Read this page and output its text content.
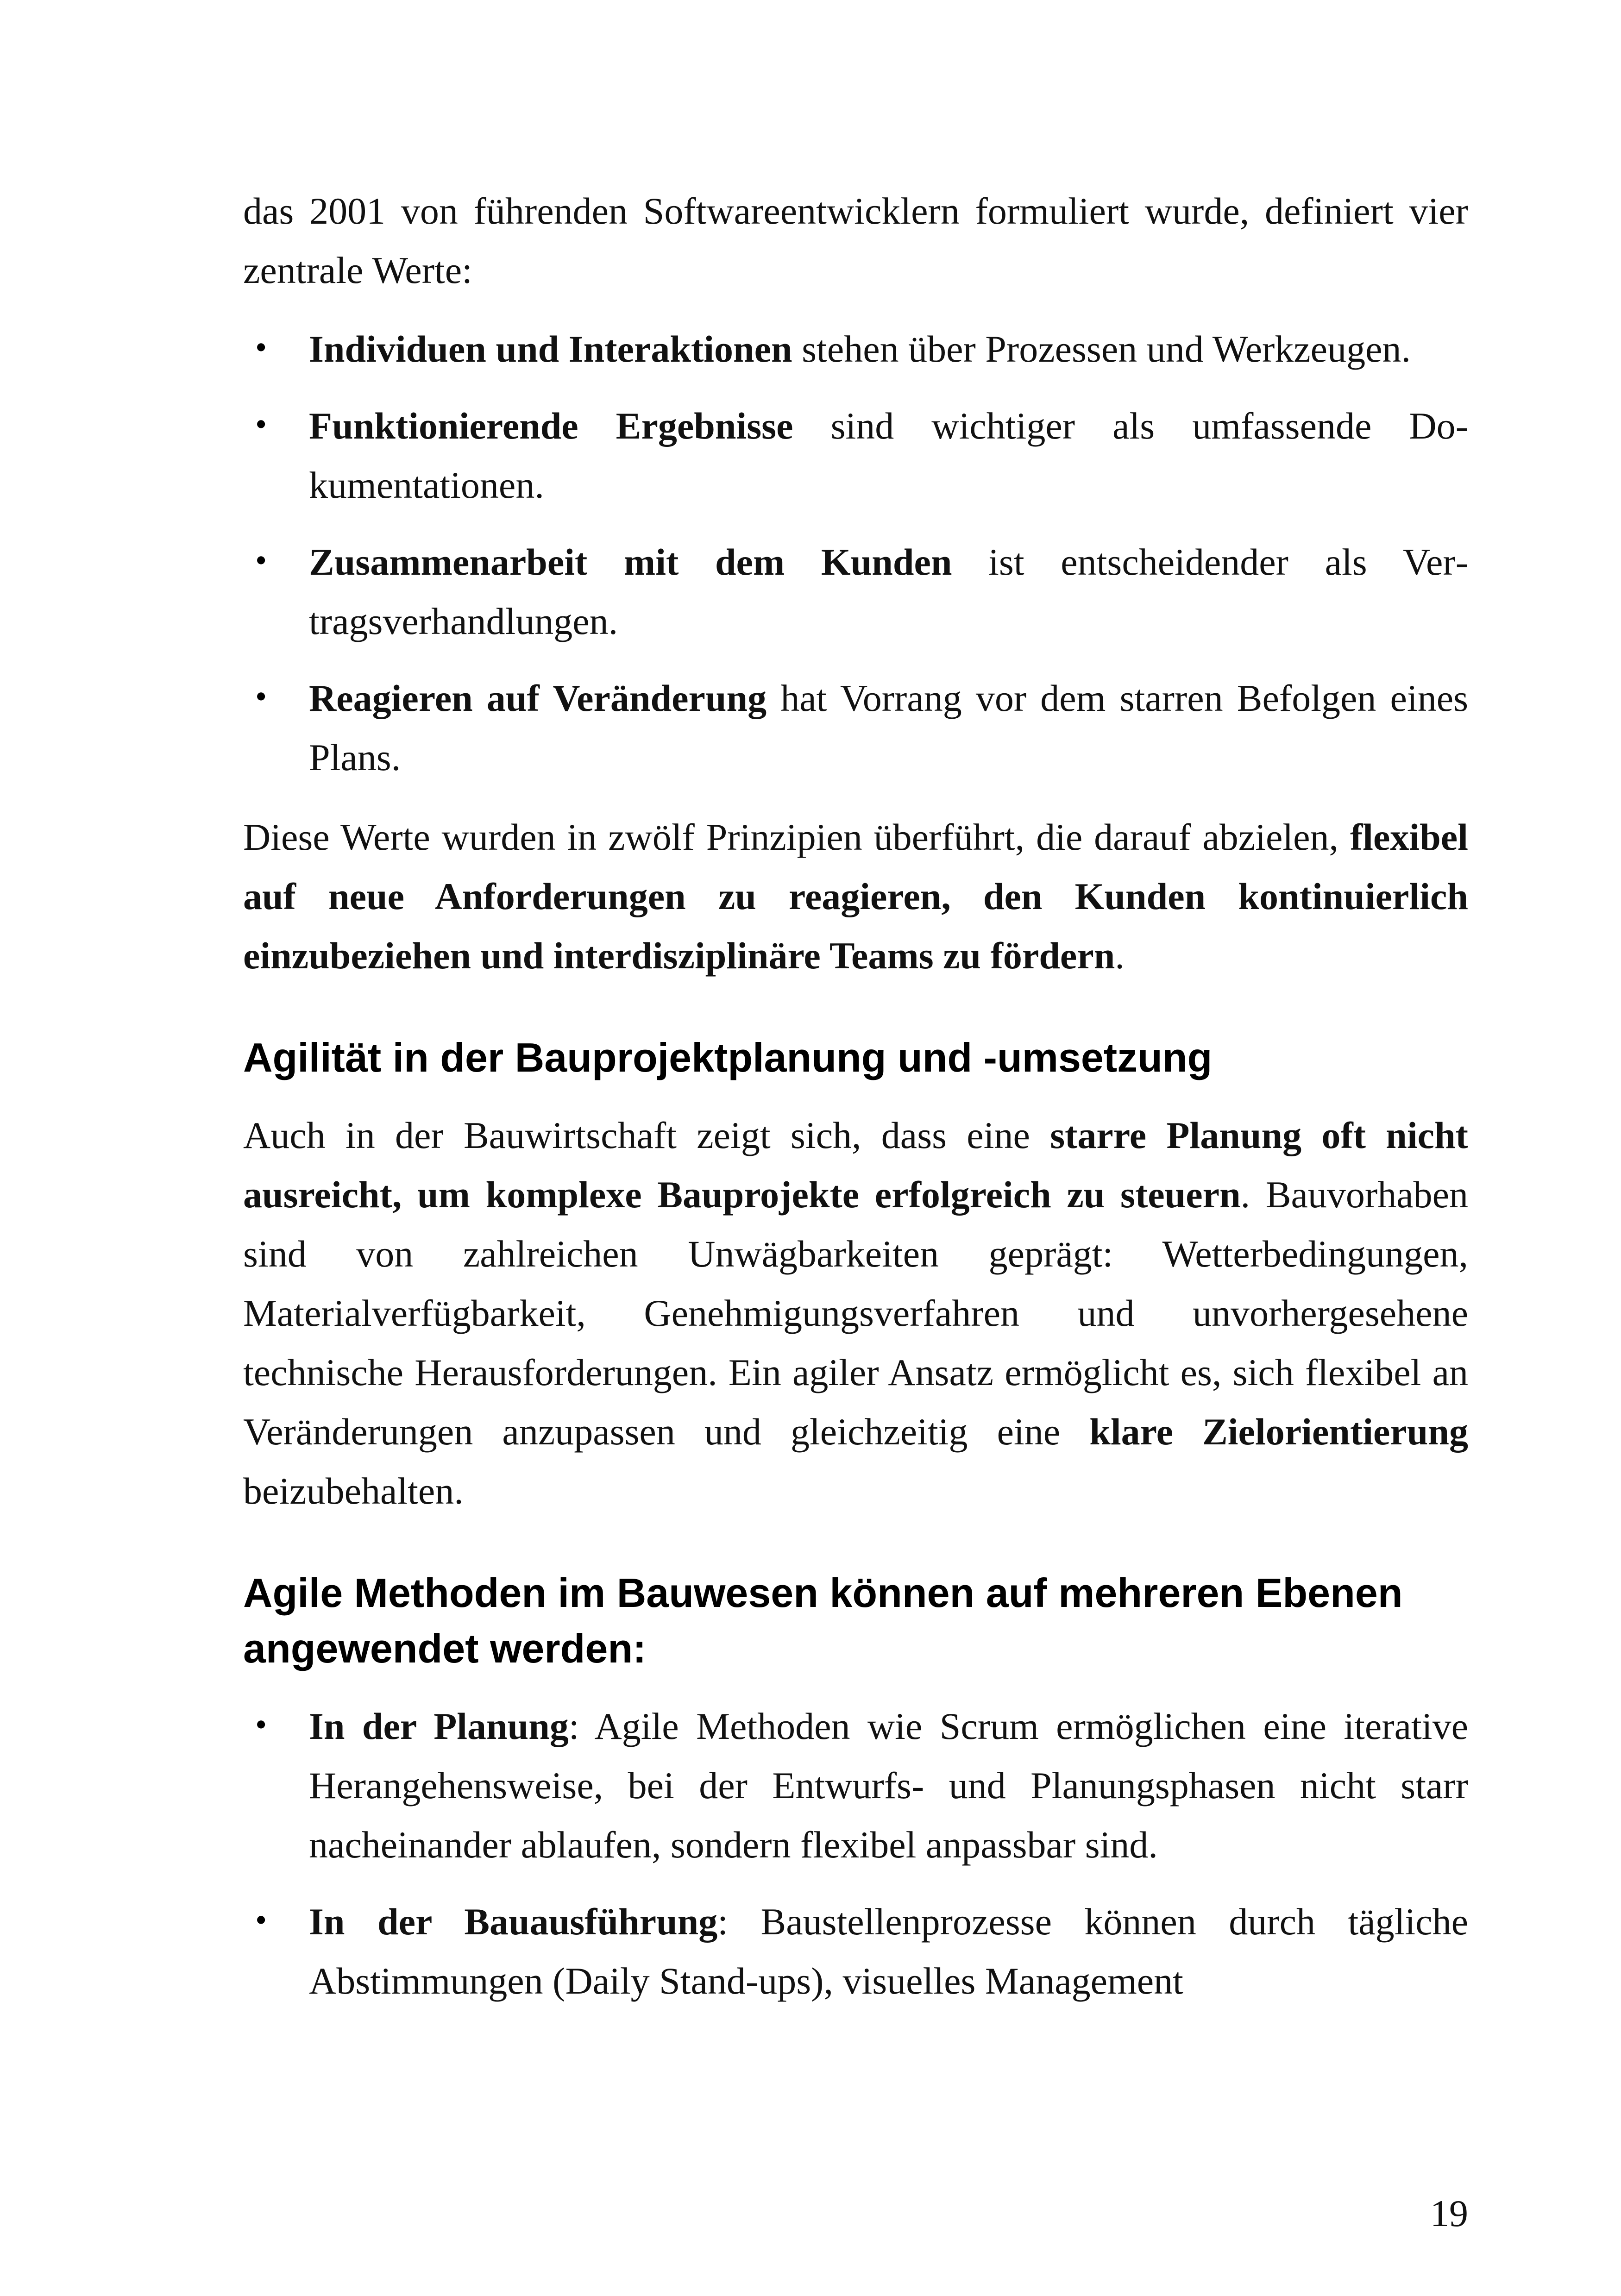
das 2001 von führenden Softwareentwicklern formuliert wurde, definiert vier zentrale Werte:

• Individuen und Interaktionen stehen über Prozessen und Werkzeugen.
• Funktionierende Ergebnisse sind wichtiger als umfassende Dokumentationen.
• Zusammenarbeit mit dem Kunden ist entscheidender als Vertragsverhandlungen.
• Reagieren auf Veränderung hat Vorrang vor dem starren Befolgen eines Plans.

Diese Werte wurden in zwölf Prinzipien überführt, die darauf abzielen, flexibel auf neue Anforderungen zu reagieren, den Kunden kontinuierlich einzubeziehen und interdisziplinäre Teams zu fördern.

Agilität in der Bauprojektplanung und -umsetzung

Auch in der Bauwirtschaft zeigt sich, dass eine starre Planung oft nicht ausreicht, um komplexe Bauprojekte erfolgreich zu steuern. Bauvorhaben sind von zahlreichen Unwägbarkeiten geprägt: Wetterbedingungen, Materialverfügbarkeit, Genehmigungsverfahren und unvorhergesehene technische Herausforderungen. Ein agiler Ansatz ermöglicht es, sich flexibel an Veränderungen anzupassen und gleichzeitig eine klare Zielorientierung beizubehalten.

Agile Methoden im Bauwesen können auf mehreren Ebenen angewendet werden:
• In der Planung: Agile Methoden wie Scrum ermöglichen eine iterative Herangehensweise, bei der Entwurfs- und Planungsphasen nicht starr nacheinander ablaufen, sondern flexibel anpassbar sind.
• In der Bauausführung: Baustellenprozesse können durch tägliche Abstimmungen (Daily Stand-ups), visuelles Management
19
